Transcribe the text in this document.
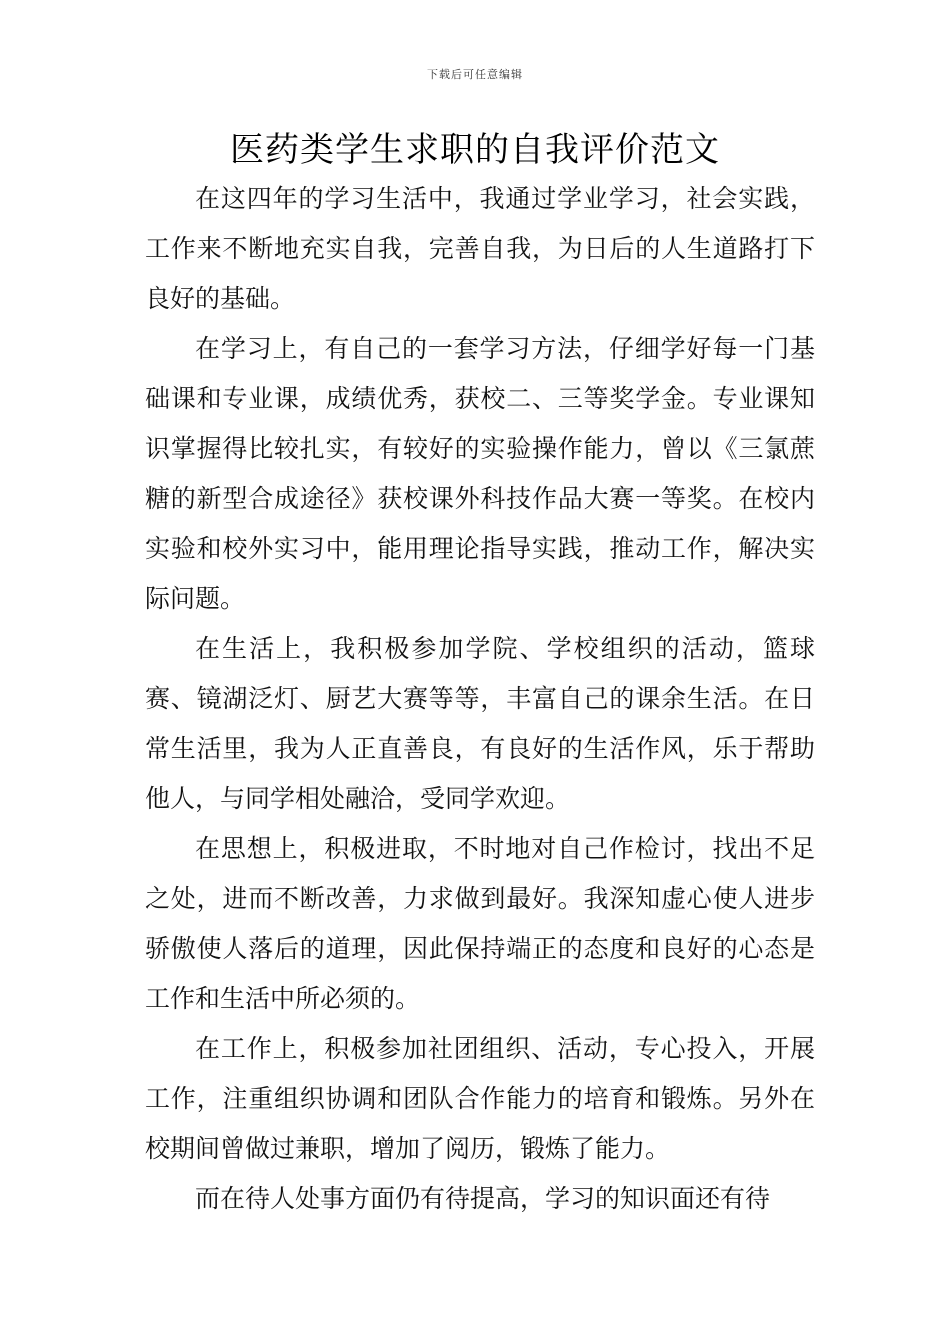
下载后可任意编辑
医药类学生求职的自我评价范文

在这四年的学习生活中，我通过学业学习，社会实践，工作来不断地充实自我，完善自我，为日后的人生道路打下良好的基础。

在学习上，有自己的一套学习方法，仔细学好每一门基础课和专业课，成绩优秀，获校二、三等奖学金。专业课知识掌握得比较扎实，有较好的实验操作能力，曾以《三氯蔗糖的新型合成途径》获校课外科技作品大赛一等奖。在校内实验和校外实习中，能用理论指导实践，推动工作，解决实际问题。

在生活上，我积极参加学院、学校组织的活动，篮球赛、镜湖泛灯、厨艺大赛等等，丰富自己的课余生活。在日常生活里，我为人正直善良，有良好的生活作风，乐于帮助他人，与同学相处融洽，受同学欢迎。

在思想上，积极进取，不时地对自己作检讨，找出不足之处，进而不断改善，力求做到最好。我深知虚心使人进步骄傲使人落后的道理，因此保持端正的态度和良好的心态是工作和生活中所必须的。

在工作上，积极参加社团组织、活动，专心投入，开展工作，注重组织协调和团队合作能力的培育和锻炼。另外在校期间曾做过兼职，增加了阅历，锻炼了能力。

而在待人处事方面仍有待提高，学习的知识面还有待
